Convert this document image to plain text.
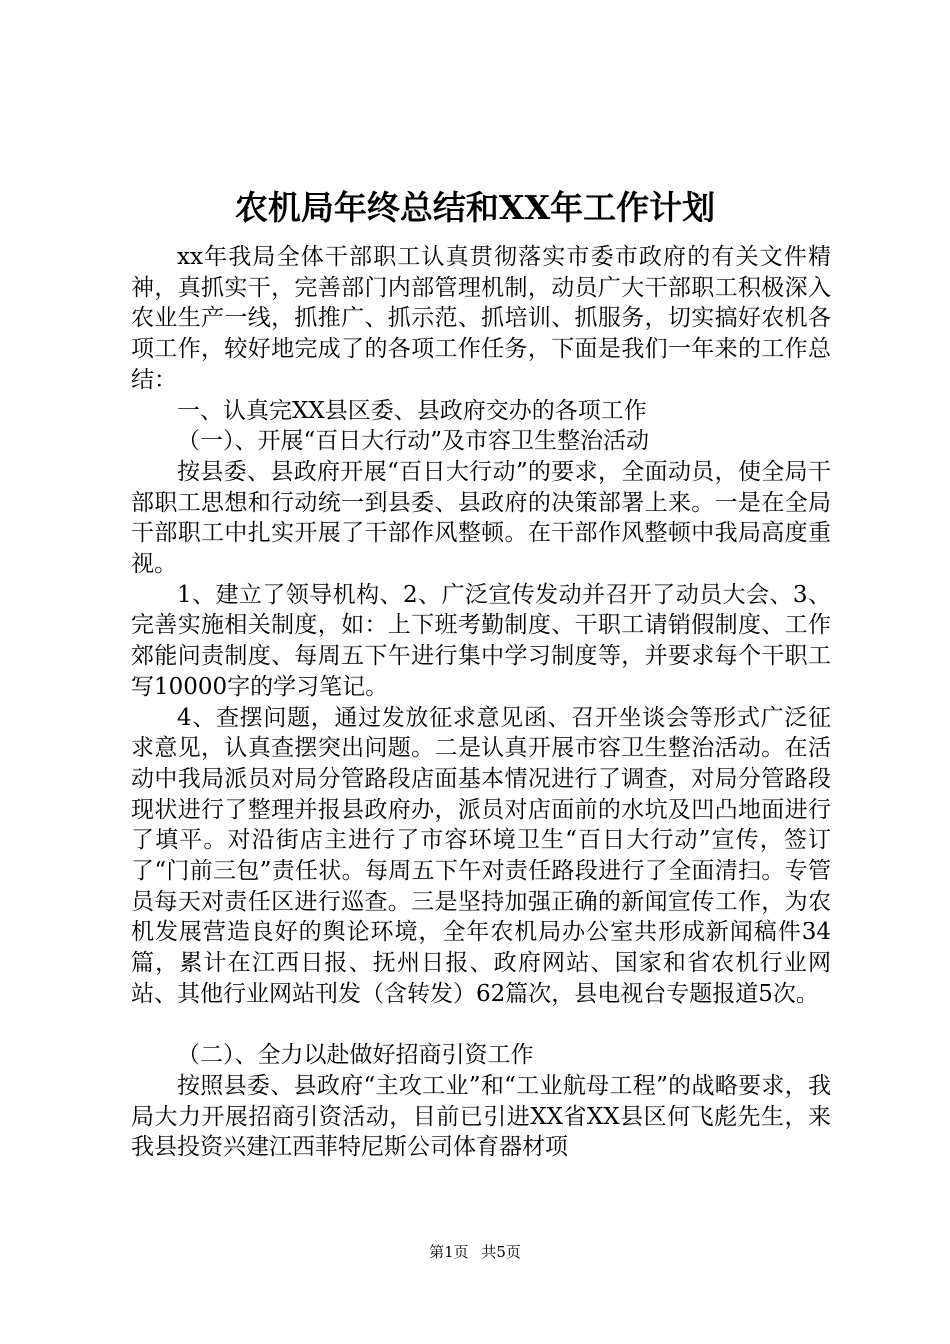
农机局年终总结和XX年工作计划

xx年我局全体干部职工认真贯彻落实市委市政府的有关文件精神，真抓实干，完善部门内部管理机制，动员广大干部职工积极深入农业生产一线，抓推广、抓示范、抓培训、抓服务，切实搞好农机各项工作，较好地完成了的各项工作任务，下面是我们一年来的工作总结：

一、认真完XX县区委、县政府交办的各项工作

（一）、开展“百日大行动”及市容卫生整治活动

按县委、县政府开展“百日大行动”的要求，全面动员，使全局干部职工思想和行动统一到县委、县政府的决策部署上来。一是在全局干部职工中扎实开展了干部作风整顿。在干部作风整顿中我局高度重视。

1、建立了领导机构、2、广泛宣传发动并召开了动员大会、3、完善实施相关制度，如：上下班考勤制度、干职工请销假制度、工作郊能问责制度、每周五下午进行集中学习制度等，并要求每个干职工写10000字的学习笔记。

4、查摆问题，通过发放征求意见函、召开坐谈会等形式广泛征求意见，认真查摆突出问题。二是认真开展市容卫生整治活动。在活动中我局派员对局分管路段店面基本情况进行了调查，对局分管路段现状进行了整理并报县政府办，派员对店面前的水坑及凹凸地面进行了填平。对沿街店主进行了市容环境卫生“百日大行动”宣传，签订了“门前三包”责任状。每周五下午对责任路段进行了全面清扫。专管员每天对责任区进行巡查。三是坚持加强正确的新闻宣传工作，为农机发展营造良好的舆论环境，全年农机局办公室共形成新闻稿件34篇，累计在江西日报、抚州日报、政府网站、国家和省农机行业网站、其他行业网站刊发（含转发）62篇次，县电视台专题报道5次。

（二）、全力以赴做好招商引资工作

按照县委、县政府“主攻工业”和“工业航母工程”的战略要求，我局大力开展招商引资活动，目前已引进XX省XX县区何飞彪先生，来我县投资兴建江西菲特尼斯公司体育器材项

第1页 共5页
